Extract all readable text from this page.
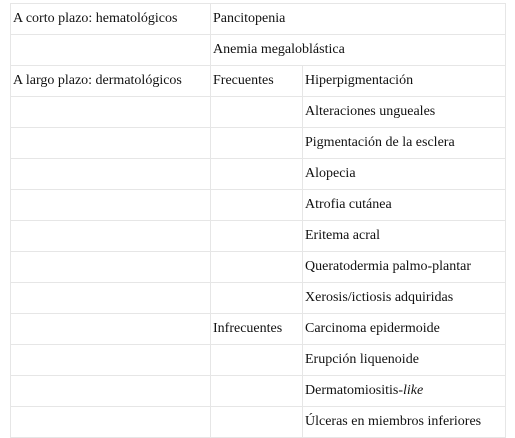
A corto plazo: hematológicos	Pancitopenia	
	Anemia megaloblástica	
A largo plazo: dermatológicos	Frecuentes	Hiperpigmentación
		Alteraciones ungueales
		Pigmentación de la esclera
		Alopecia
		Atrofia cutánea
		Eritema acral
		Queratodermia palmo-plantar
		Xerosis/ictiosis adquiridas
	Infrecuentes	Carcinoma epidermoide
		Erupción liquenoide
		Dermatomiositis-like
		Úlceras en miembros inferiores
